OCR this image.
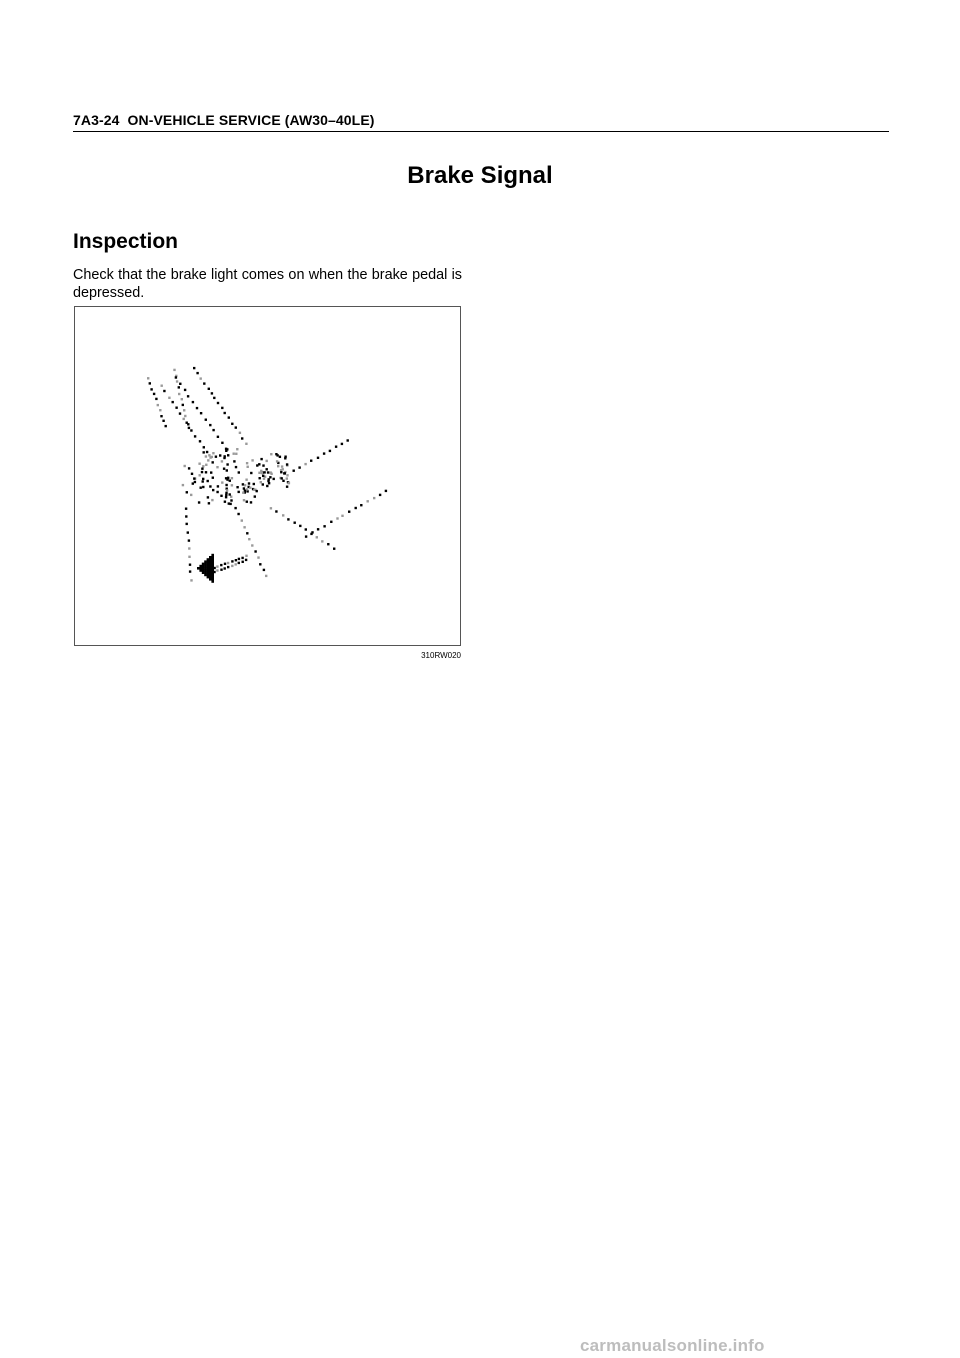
7A3-24 ON-VEHICLE SERVICE (AW30–40LE)
Brake Signal
Inspection
Check that the brake light comes on when the brake pedal is depressed.
310RW020
carmanualsonline.info
